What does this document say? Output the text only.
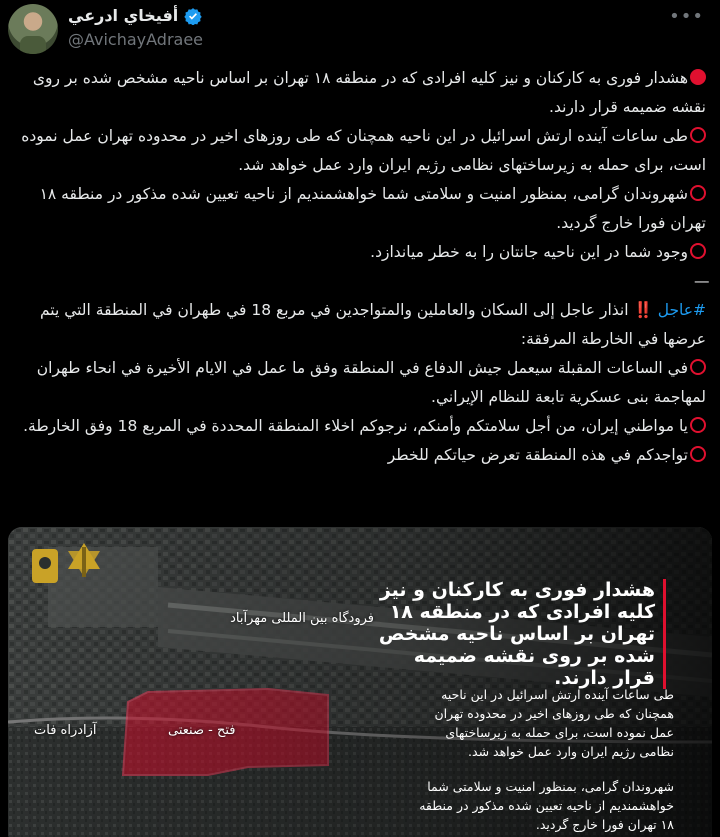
أفيخاي ادرعي
@AvichayAdraee
•••
هشدار فوری به کارکنان و نیز کلیه افرادی که در منطقه ۱۸ تهران بر اساس ناحیه مشخص شده بر روی نقشه ضمیمه قرار دارند.
طی ساعات آینده ارتش اسرائیل در این ناحیه همچنان که طی روزهای اخیر در محدوده تهران عمل نموده است، برای حمله به زیرساختهای نظامی رژیم ایران وارد عمل خواهد شد.
شهروندان گرامی، بمنظور امنیت و سلامتی شما خواهشمندیم از ناحیه تعیین شده مذکور در منطقه ۱۸ تهران فورا خارج گردید.
وجود شما در این ناحیه جانتان را به خطر میاندازد.
—
#عاجل ‼️ انذار عاجل إلى السكان والعاملين والمتواجدين في مربع 18 في طهران في المنطقة التي يتم عرضها في الخارطة المرفقة:
في الساعات المقبلة سيعمل جيش الدفاع في المنطقة وفق ما عمل في الايام الأخيرة في انحاء طهران لمهاجمة بنى عسكرية تابعة للنظام الإيراني.
يا مواطني إيران، من أجل سلامتكم وأمنكم، نرجوكم اخلاء المنطقة المحددة في المربع 18 وفق الخارطة.
تواجدكم في هذه المنطقة تعرض حياتكم للخطر
فرودگاه بین المللی مهرآباد
فتح - صنعتی
آزادراه فات
هشدار فوری به کارکنان و نیز کلیه افرادی که در منطقه ۱۸ تهران بر اساس ناحیه مشخص شده بر روی نقشه ضمیمه قرار دارند.
طی ساعات آینده ارتش اسرائیل در این ناحیه همچنان که طی روزهای اخیر در محدوده تهران عمل نموده است، برای حمله به زیرساختهای نظامی رژیم ایران وارد عمل خواهد شد.
شهروندان گرامی، بمنظور امنیت و سلامتی شما خواهشمندیم از ناحیه تعیین شده مذکور در منطقه ۱۸ تهران فورا خارج گردید.
